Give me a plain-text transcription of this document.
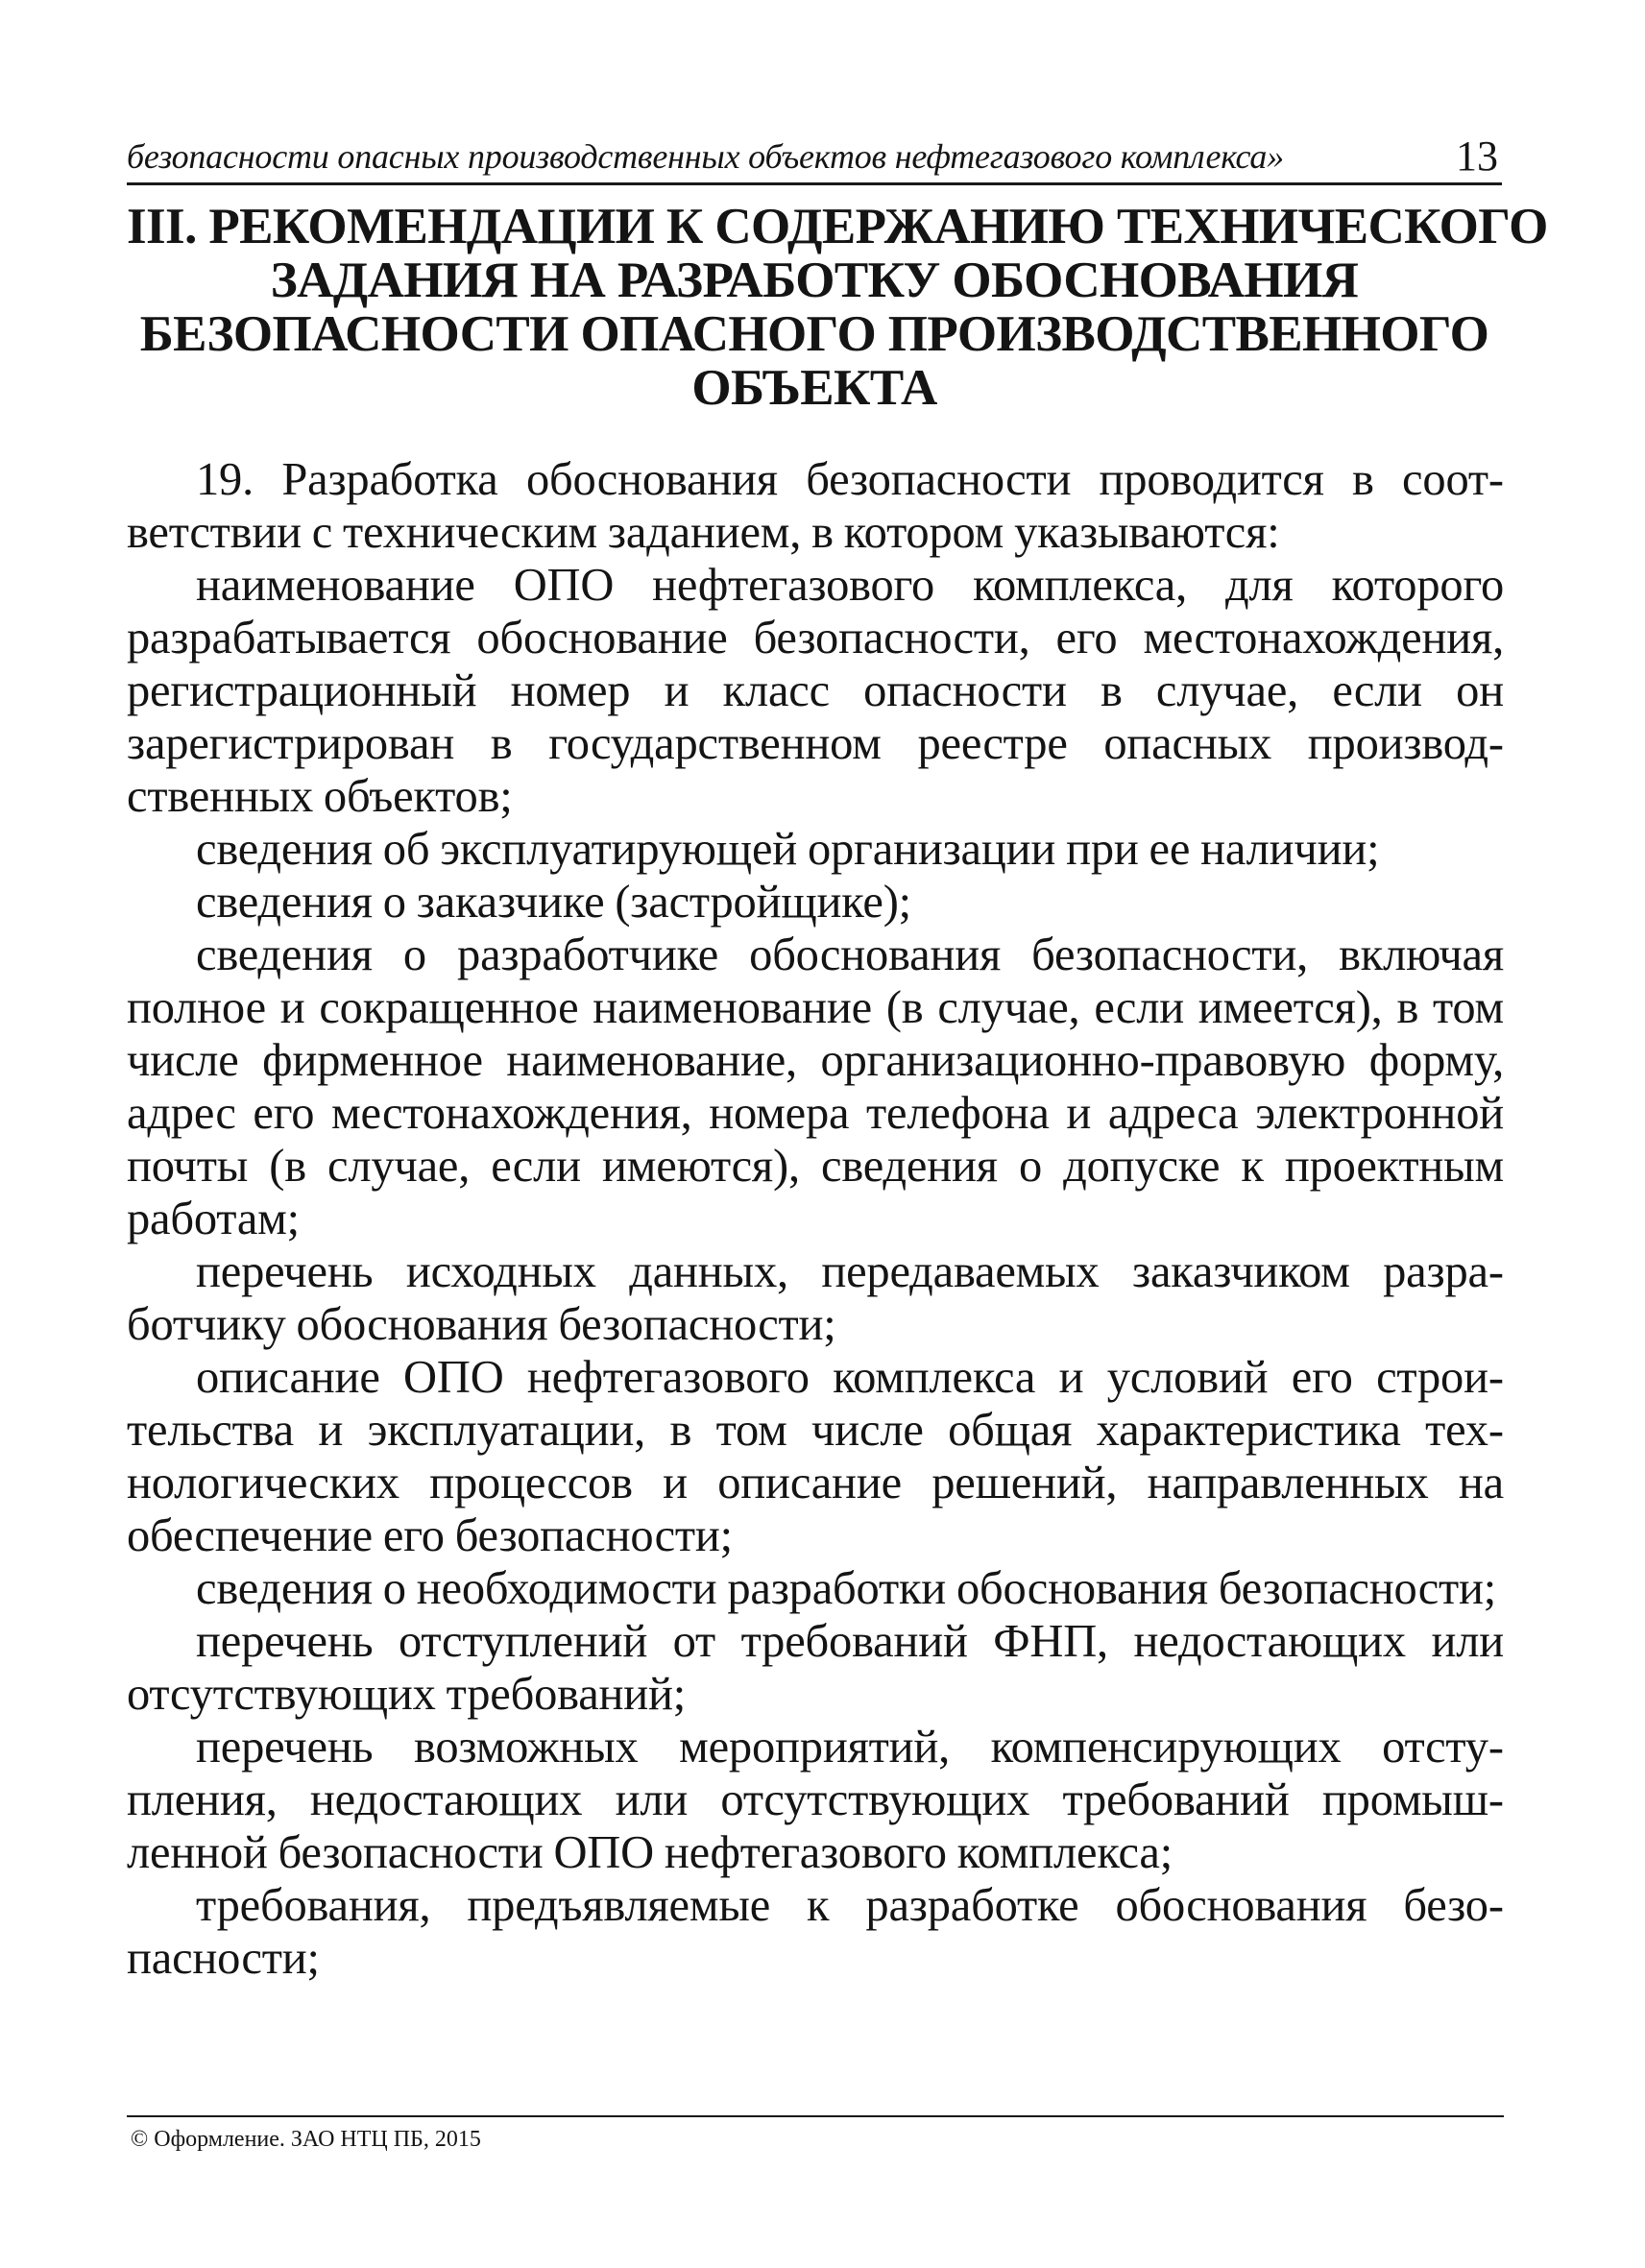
безопасности опасных производственных объектов нефтегазового комплекса»	13
III. РЕКОМЕНДАЦИИ К СОДЕРЖАНИЮ ТЕХНИЧЕСКОГО
ЗАДАНИЯ НА РАЗРАБОТКУ ОБОСНОВАНИЯ
БЕЗОПАСНОСТИ ОПАСНОГО ПРОИЗВОДСТВЕННОГО
ОБЪЕКТА

19. Разработка обоснования безопасности проводится в соответствии с техническим заданием, в котором указываются:

наименование ОПО нефтегазового комплекса, для которого разрабатывается обоснование безопасности, его местонахождения, регистрационный номер и класс опасности в случае, если он зарегистрирован в государственном реестре опасных производственных объектов;

сведения об эксплуатирующей организации при ее наличии;

сведения о заказчике (застройщике);

сведения о разработчике обоснования безопасности, включая полное и сокращенное наименование (в случае, если имеется), в том числе фирменное наименование, организационно-правовую форму, адрес его местонахождения, номера телефона и адреса электронной почты (в случае, если имеются), сведения о допуске к проектным работам;

перечень исходных данных, передаваемых заказчиком разработчику обоснования безопасности;

описание ОПО нефтегазового комплекса и условий его строительства и эксплуатации, в том числе общая характеристика технологических процессов и описание решений, направленных на обеспечение его безопасности;

сведения о необходимости разработки обоснования безопасности;

перечень отступлений от требований ФНП, недостающих или отсутствующих требований;

перечень возможных мероприятий, компенсирующих отступления, недостающих или отсутствующих требований промышленной безопасности ОПО нефтегазового комплекса;

требования, предъявляемые к разработке обоснования безопасности;

© Оформление. ЗАО НТЦ ПБ, 2015
